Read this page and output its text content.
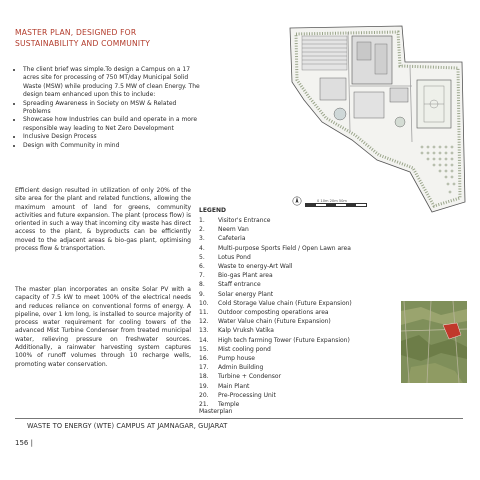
MASTER PLAN, DESIGNED FOR
SUSTAINABILITY AND COMMUNITY
• The client brief was simple.To design a Campus on a 17 acres site for processing of 750 MT/day Municipal Solid Waste (MSW) while producing 7.5 MW of clean Energy. The design team enhanced upon this to include:
• Spreading Awareness in Society on MSW & Related Problems
• Showcase how Industries can build and operate in a more responsible way leading to Net Zero Development
• Inclusive Design Process
• Design with Community in mind

Efficient design resulted in utilization of only 20% of the site area for the plant and related functions, allowing the maximum amount of land for greens, community activities and future expansion. The plant (process flow) is oriented in such a way that incoming city waste has direct access to the plant, & byproducts can be efficiently moved to the adjacent areas & bio-gas plant, optimising process flow & transportation.

The master plan incorporates an onsite Solar PV with a capacity of 7.5 kW to meet 100% of the electrical needs and reduces reliance on conventional forms of energy. A pipeline, over 1 km long, is installed to source majority of process water requirement for cooling towers of the advanced Mist Turbine Condenser from treated municipal water, relieving pressure on freshwater sources. Additionally, a rainwater harvesting system captures 100% of runoff volumes through 10 recharge wells, promoting water conservation.

0 10m 20m 50m
LEGEND
1.	Visitor's Entrance
2.	Neem Van
3.	Cafeteria
4.	Multi-purpose Sports Field / Open Lawn area
5.	Lotus Pond
6.	Waste to energy-Art Wall
7.	Bio-gas Plant area
8.	Staff entrance
9.	Solar energy Plant
10.	Cold Storage Value chain (Future Expansion)
11.	Outdoor composting operations area
12.	Water Value chain (Future Expansion)
13.	Kalp Vruksh Vatika
14.	High tech farming Tower (Future Expansion)
15.	Mist cooling pond
16.	Pump house
17.	Admin Building
18.	Turbine + Condensor
19.	Main Plant
20.	Pre-Processing Unit
21.	Temple
Masterplan
WASTE TO ENERGY (WTE) CAMPUS AT JAMNAGAR, GUJARAT
156 |
